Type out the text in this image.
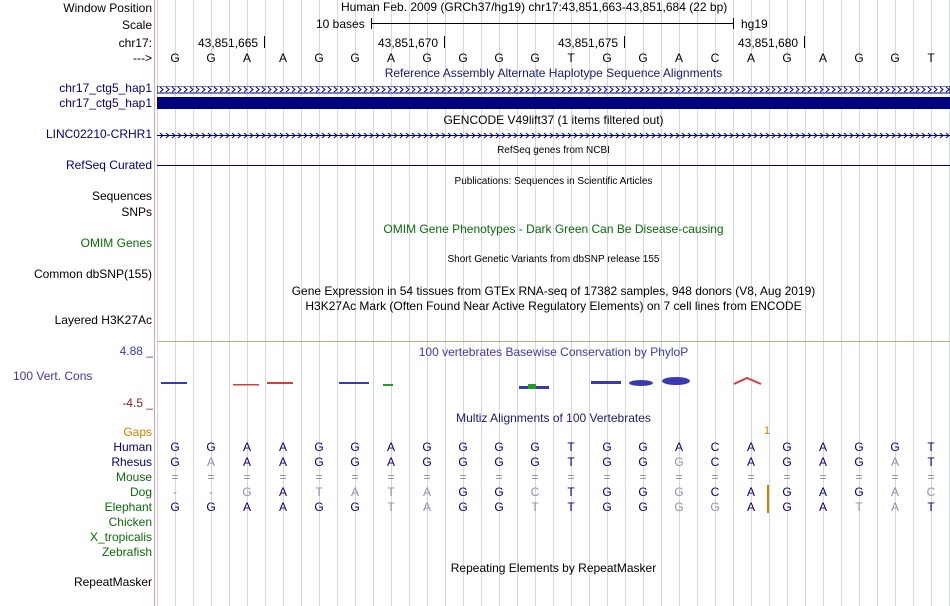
Window Position	Human Feb. 2009 (GRCh37/hg19) chr17:43,851,663-43,851,684 (22 bp)
Scale	10 bases	hg19
chr17:	43,851,665	43,851,670	43,851,675	43,851,680
--->	G	G	A	A	G	G	A	G	G	G	G	T	G	G	A	C	A	G	A	G	G	T
Reference Assembly Alternate Haplotype Sequence Alignments
chr17_ctg5_hap1
chr17_ctg5_hap1
GENCODE V49lift37 (1 items filtered out)
LINC02210-CRHR1
RefSeq genes from NCBI
RefSeq Curated
Publications: Sequences in Scientific Articles
Sequences
SNPs
OMIM Gene Phenotypes - Dark Green Can Be Disease-causing
OMIM Genes
Short Genetic Variants from dbSNP release 155
Common dbSNP(155)
Gene Expression in 54 tissues from GTEx RNA-seq of 17382 samples, 948 donors (V8, Aug 2019)
H3K27Ac Mark (Often Found Near Active Regulatory Elements) on 7 cell lines from ENCODE
Layered H3K27Ac
4.88 _	100 vertebrates Basewise Conservation by PhyloP
100 Vert. Cons
-4.5 _
Multiz Alignments of 100 Vertebrates
Gaps	1
Human	G	G	A	A	G	G	A	G	G	G	G	T	G	G	A	C	A	G	A	G	G	T
Rhesus	G	A	A	A	G	G	A	G	G	G	G	T	G	G	G	C	A	G	A	G	A	T
Mouse	=	=	=	=	=	=	=	=	=	=	=	=	=	=	=	=	=	=	=	=	=	=
Dog	-	-	G	A	T	A	T	A	G	G	C	T	G	G	G	C	A	G	A	G	A	C
Elephant	G	G	A	A	G	G	T	A	G	G	T	T	G	G	G	G	A	G	A	T	A	T
Chicken
X_tropicalis
Zebrafish
Repeating Elements by RepeatMasker
RepeatMasker
